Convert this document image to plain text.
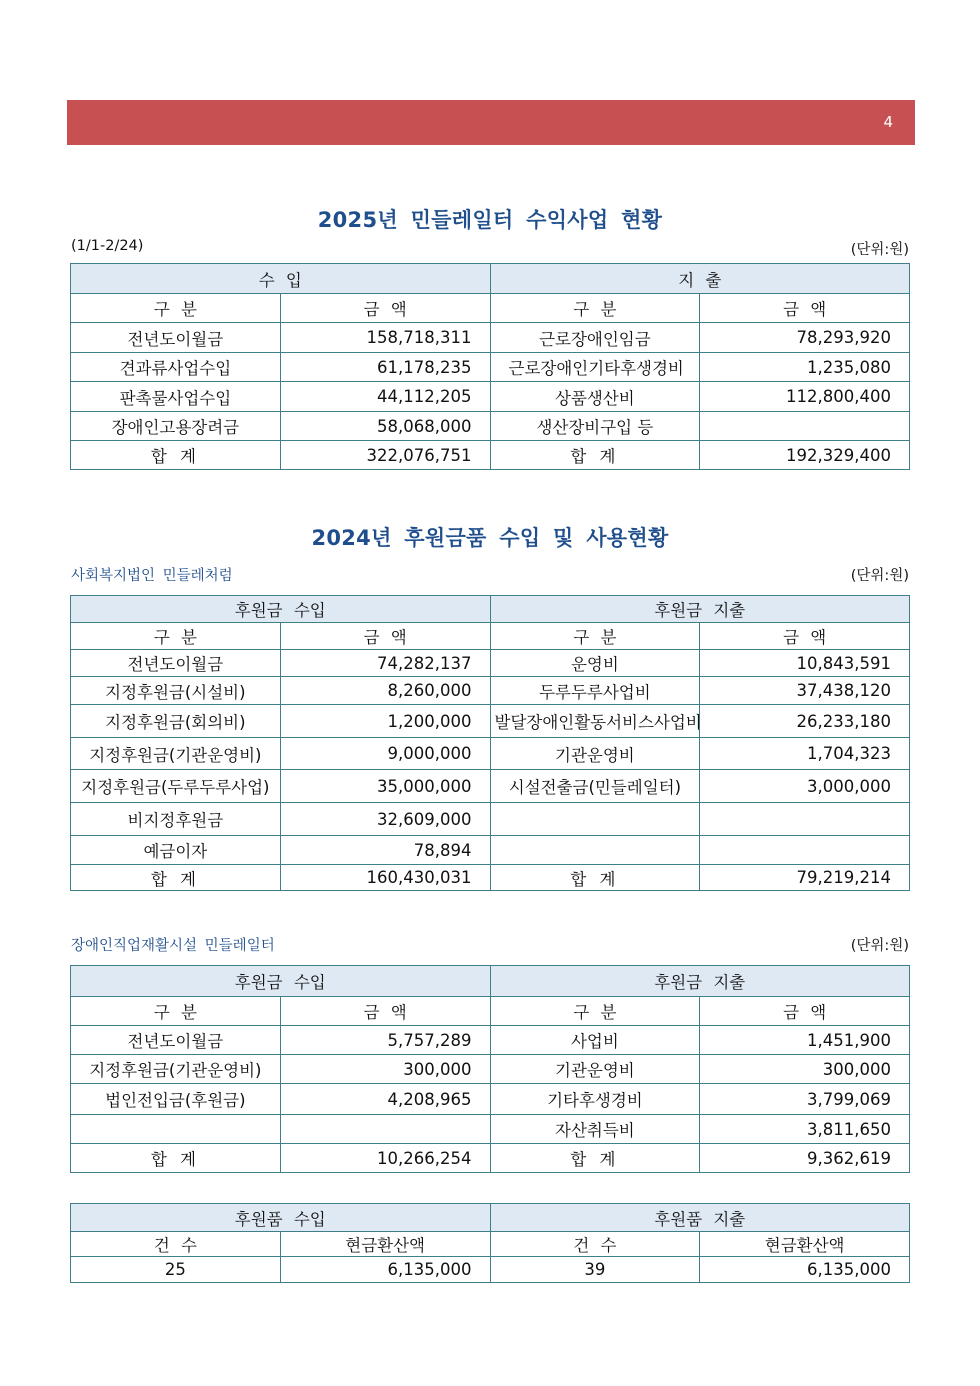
4
2025년 민들레일터 수익사업 현황
(1/1-2/24)	(단위:원)
수 입		지 출	
구 분	금 액	구 분	금 액
전년도이월금	158,718,311	근로장애인임금	78,293,920
견과류사업수입	61,178,235	근로장애인기타후생경비	1,235,080
판촉물사업수입	44,112,205	상품생산비	112,800,400
장애인고용장려금	58,068,000	생산장비구입 등	
합 계	322,076,751	합 계	192,329,400
2024년 후원금품 수입 및 사용현황
사회복지법인 민들레처럼	(단위:원)
후원금 수입		후원금 지출	
구 분	금 액	구 분	금 액
전년도이월금	74,282,137	운영비	10,843,591
지정후원금(시설비)	8,260,000	두루두루사업비	37,438,120
지정후원금(회의비)	1,200,000	발달장애인활동서비스사업비	26,233,180
지정후원금(기관운영비)	9,000,000	기관운영비	1,704,323
지정후원금(두루두루사업)	35,000,000	시설전출금(민들레일터)	3,000,000
비지정후원금	32,609,000		
예금이자	78,894		
합 계	160,430,031	합 계	79,219,214
장애인직업재활시설 민들레일터	(단위:원)
후원금 수입		후원금 지출	
구 분	금 액	구 분	금 액
전년도이월금	5,757,289	사업비	1,451,900
지정후원금(기관운영비)	300,000	기관운영비	300,000
법인전입금(후원금)	4,208,965	기타후생경비	3,799,069
		자산취득비	3,811,650
합 계	10,266,254	합 계	9,362,619
후원품 수입		후원품 지출	
건 수	현금환산액	건 수	현금환산액
25	6,135,000	39	6,135,000
